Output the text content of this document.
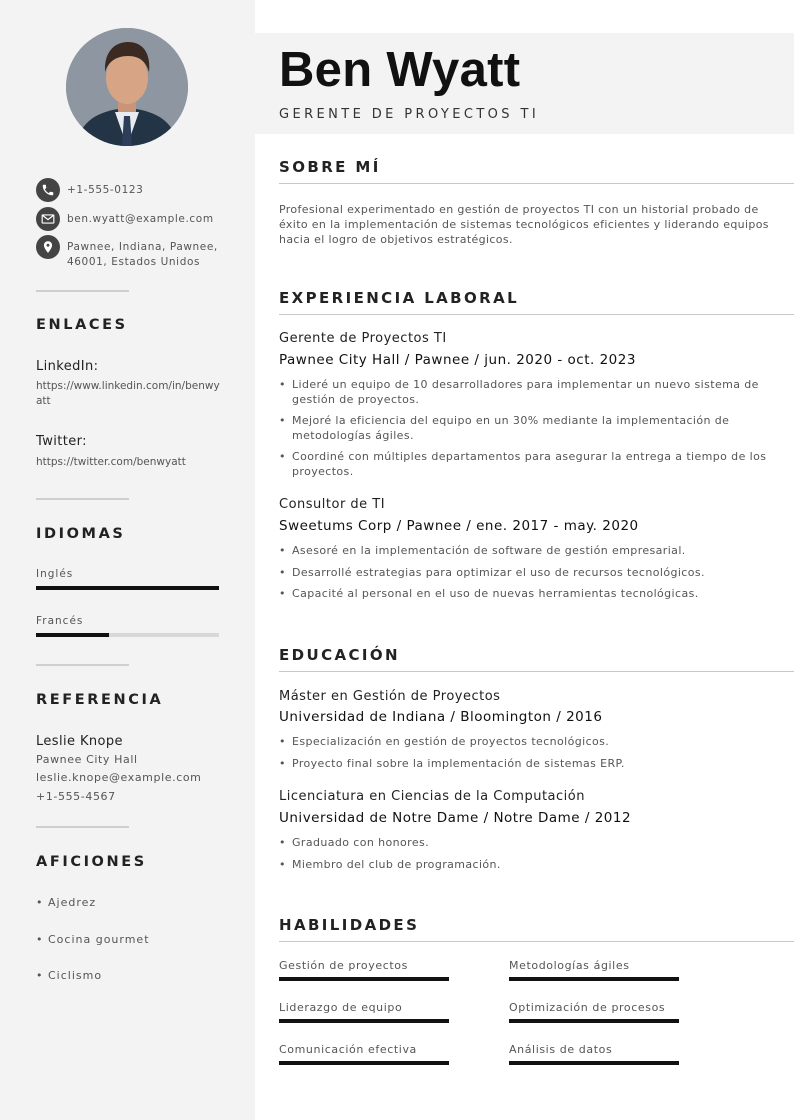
+1-555-0123
ben.wyatt@example.com
Pawnee, Indiana, Pawnee,
46001, Estados Unidos
ENLACES
LinkedIn:
https://www.linkedin.com/in/benwyatt
Twitter:
https://twitter.com/benwyatt
IDIOMAS
Inglés
Francés
REFERENCIA
Leslie Knope
Pawnee City Hall
leslie.knope@example.com
+1-555-4567
AFICIONES
• Ajedrez
• Cocina gourmet
• Ciclismo
Ben Wyatt
GERENTE DE PROYECTOS TI
SOBRE MÍ
Profesional experimentado en gestión de proyectos TI con un historial probado de éxito en la implementación de sistemas tecnológicos eficientes y liderando equipos hacia el logro de objetivos estratégicos.
EXPERIENCIA LABORAL
Gerente de Proyectos TI
Pawnee City Hall / Pawnee / jun. 2020 - oct. 2023
• Lideré un equipo de 10 desarrolladores para implementar un nuevo sistema de gestión de proyectos.
• Mejoré la eficiencia del equipo en un 30% mediante la implementación de metodologías ágiles.
• Coordiné con múltiples departamentos para asegurar la entrega a tiempo de los proyectos.
Consultor de TI
Sweetums Corp / Pawnee / ene. 2017 - may. 2020
• Asesoré en la implementación de software de gestión empresarial.
• Desarrollé estrategias para optimizar el uso de recursos tecnológicos.
• Capacité al personal en el uso de nuevas herramientas tecnológicas.
EDUCACIÓN
Máster en Gestión de Proyectos
Universidad de Indiana / Bloomington / 2016
• Especialización en gestión de proyectos tecnológicos.
• Proyecto final sobre la implementación de sistemas ERP.
Licenciatura en Ciencias de la Computación
Universidad de Notre Dame / Notre Dame / 2012
• Graduado con honores.
• Miembro del club de programación.
HABILIDADES
Gestión de proyectos	Metodologías ágiles
Liderazgo de equipo	Optimización de procesos
Comunicación efectiva	Análisis de datos
